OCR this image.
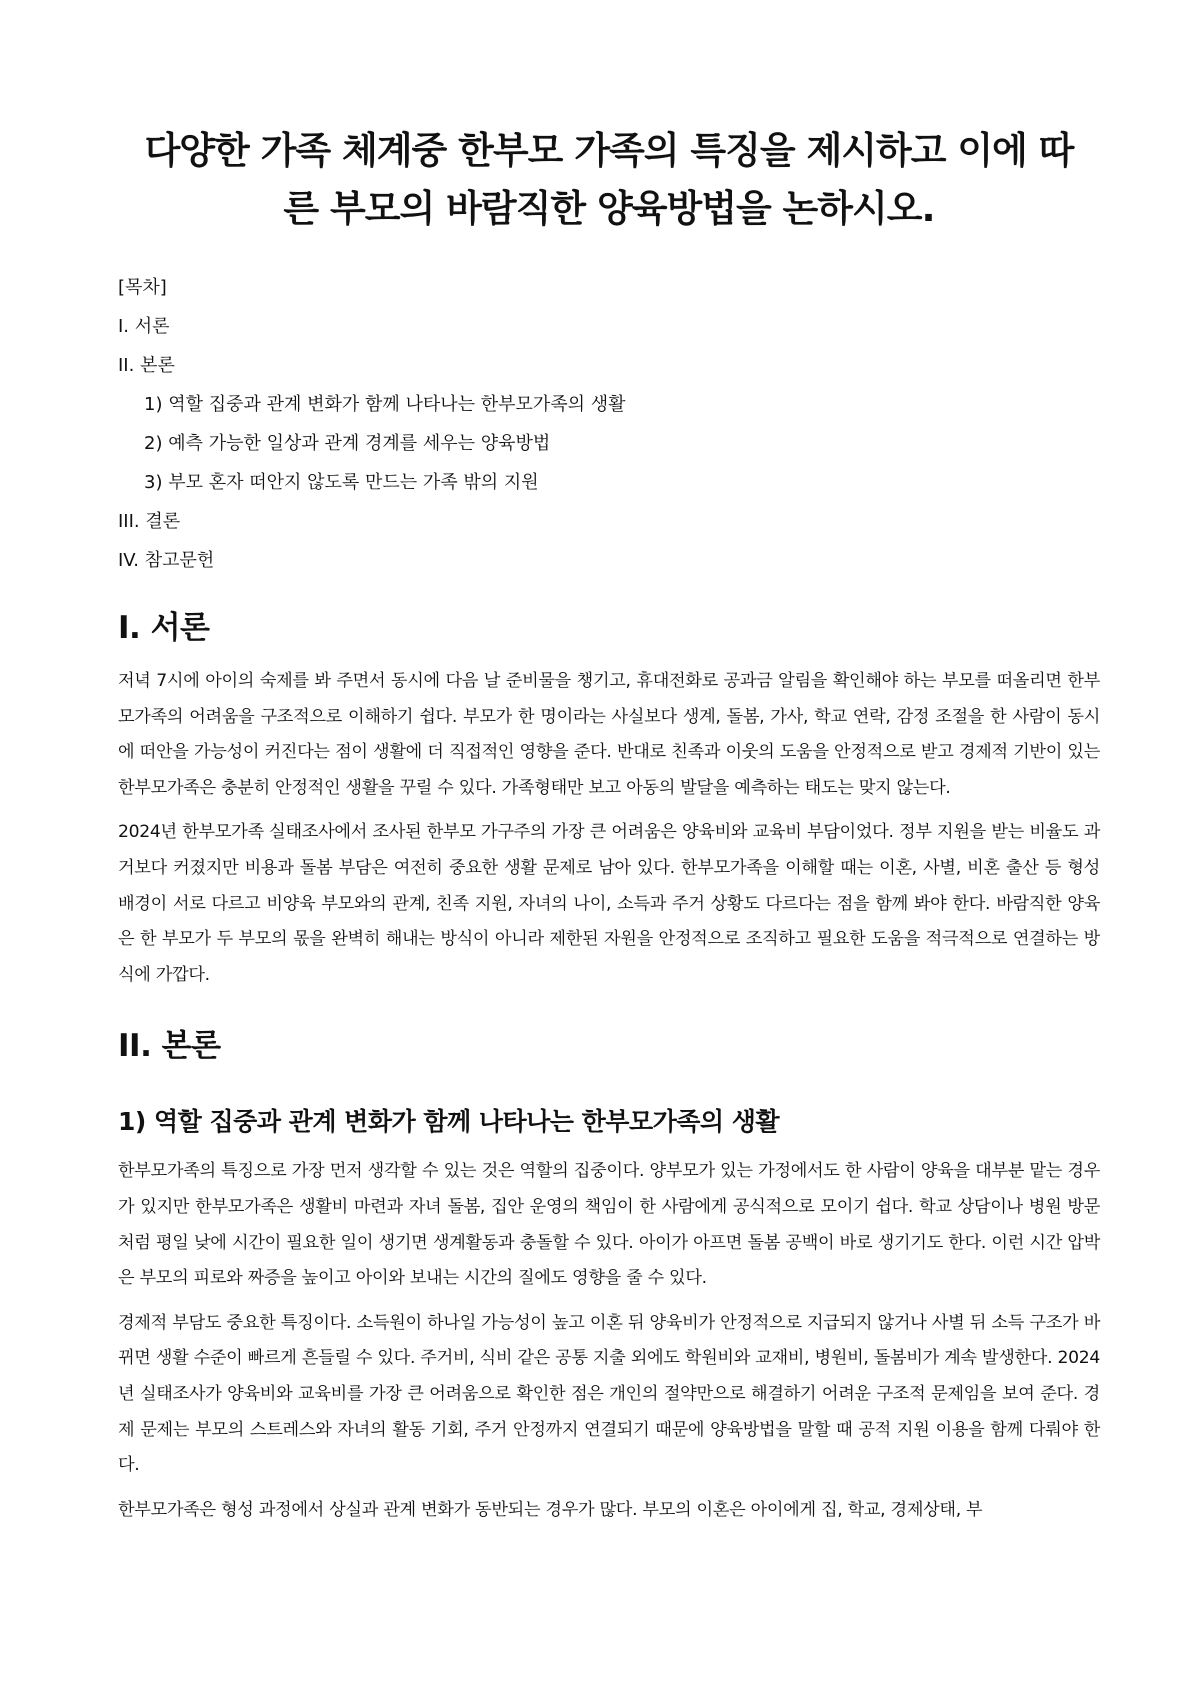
다양한 가족 체계중 한부모 가족의 특징을 제시하고 이에 따른 부모의 바람직한 양육방법을 논하시오.
[목차]
I. 서론
II. 본론
1) 역할 집중과 관계 변화가 함께 나타나는 한부모가족의 생활
2) 예측 가능한 일상과 관계 경계를 세우는 양육방법
3) 부모 혼자 떠안지 않도록 만드는 가족 밖의 지원
III. 결론
IV. 참고문헌
I. 서론

저녁 7시에 아이의 숙제를 봐 주면서 동시에 다음 날 준비물을 챙기고, 휴대전화로 공과금 알림을 확인해야 하는 부모를 떠올리면 한부모가족의 어려움을 구조적으로 이해하기 쉽다. 부모가 한 명이라는 사실보다 생계, 돌봄, 가사, 학교 연락, 감정 조절을 한 사람이 동시에 떠안을 가능성이 커진다는 점이 생활에 더 직접적인 영향을 준다. 반대로 친족과 이웃의 도움을 안정적으로 받고 경제적 기반이 있는 한부모가족은 충분히 안정적인 생활을 꾸릴 수 있다. 가족형태만 보고 아동의 발달을 예측하는 태도는 맞지 않는다.

2024년 한부모가족 실태조사에서 조사된 한부모 가구주의 가장 큰 어려움은 양육비와 교육비 부담이었다. 정부 지원을 받는 비율도 과거보다 커졌지만 비용과 돌봄 부담은 여전히 중요한 생활 문제로 남아 있다. 한부모가족을 이해할 때는 이혼, 사별, 비혼 출산 등 형성 배경이 서로 다르고 비양육 부모와의 관계, 친족 지원, 자녀의 나이, 소득과 주거 상황도 다르다는 점을 함께 봐야 한다. 바람직한 양육은 한 부모가 두 부모의 몫을 완벽히 해내는 방식이 아니라 제한된 자원을 안정적으로 조직하고 필요한 도움을 적극적으로 연결하는 방식에 가깝다.

II. 본론
1) 역할 집중과 관계 변화가 함께 나타나는 한부모가족의 생활

한부모가족의 특징으로 가장 먼저 생각할 수 있는 것은 역할의 집중이다. 양부모가 있는 가정에서도 한 사람이 양육을 대부분 맡는 경우가 있지만 한부모가족은 생활비 마련과 자녀 돌봄, 집안 운영의 책임이 한 사람에게 공식적으로 모이기 쉽다. 학교 상담이나 병원 방문처럼 평일 낮에 시간이 필요한 일이 생기면 생계활동과 충돌할 수 있다. 아이가 아프면 돌봄 공백이 바로 생기기도 한다. 이런 시간 압박은 부모의 피로와 짜증을 높이고 아이와 보내는 시간의 질에도 영향을 줄 수 있다.

경제적 부담도 중요한 특징이다. 소득원이 하나일 가능성이 높고 이혼 뒤 양육비가 안정적으로 지급되지 않거나 사별 뒤 소득 구조가 바뀌면 생활 수준이 빠르게 흔들릴 수 있다. 주거비, 식비 같은 공통 지출 외에도 학원비와 교재비, 병원비, 돌봄비가 계속 발생한다. 2024년 실태조사가 양육비와 교육비를 가장 큰 어려움으로 확인한 점은 개인의 절약만으로 해결하기 어려운 구조적 문제임을 보여 준다. 경제 문제는 부모의 스트레스와 자녀의 활동 기회, 주거 안정까지 연결되기 때문에 양육방법을 말할 때 공적 지원 이용을 함께 다뤄야 한다.

한부모가족은 형성 과정에서 상실과 관계 변화가 동반되는 경우가 많다. 부모의 이혼은 아이에게 집, 학교, 경제상태, 부
